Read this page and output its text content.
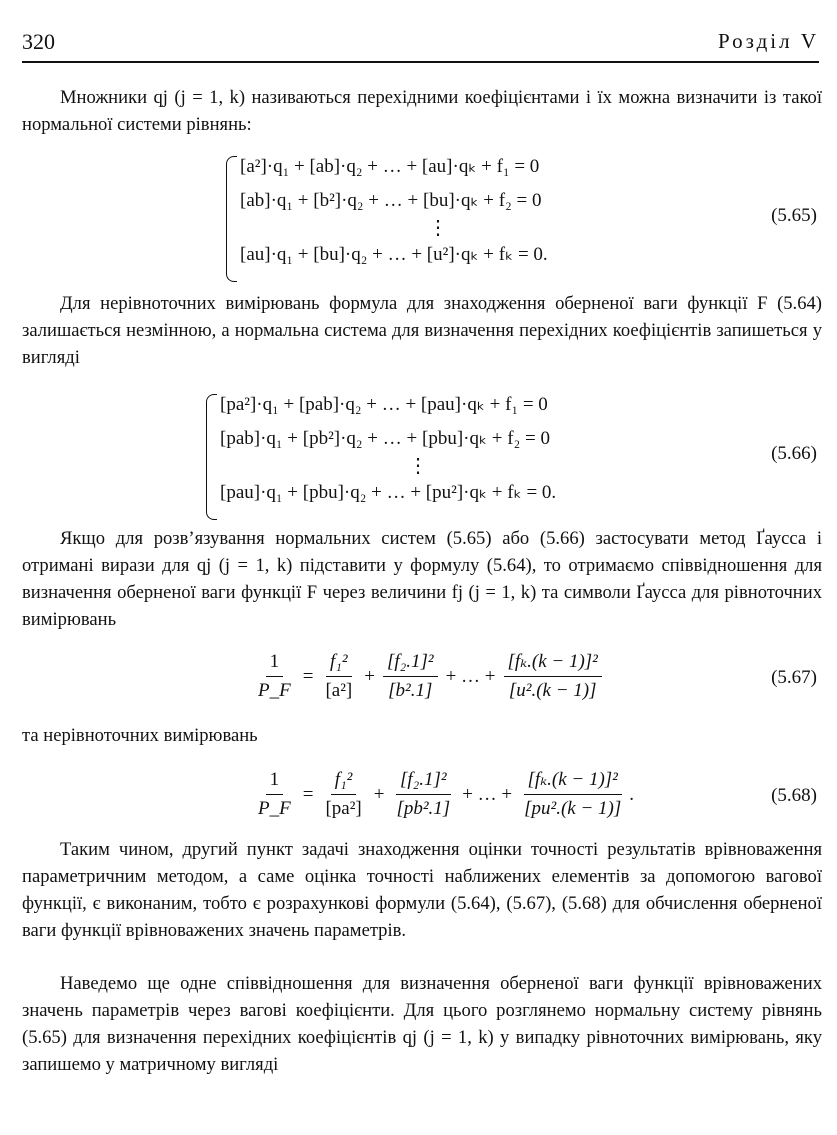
320	Розділ V

Множники qj (j = 1, k) називаються перехідними коефіцієнтами і їх можна визначити із такої нормальної системи рівнянь:

[a²]·q₁ + [ab]·q₂ + … + [au]·qₖ + f₁ = 0
[ab]·q₁ + [b²]·q₂ + … + [bu]·qₖ + f₂ = 0
⋮
[au]·q₁ + [bu]·q₂ + … + [u²]·qₖ + fₖ = 0.
(5.65)

Для нерівноточних вимірювань формула для знаходження оберненої ваги функції F (5.64) залишається незмінною, а нормальна система для визначення перехідних коефіцієнтів запишеться у вигляді

[pa²]·q₁ + [pab]·q₂ + … + [pau]·qₖ + f₁ = 0
[pab]·q₁ + [pb²]·q₂ + … + [pbu]·qₖ + f₂ = 0
⋮
[pau]·q₁ + [pbu]·q₂ + … + [pu²]·qₖ + fₖ = 0.
(5.66)

Якщо для розв’язування нормальних систем (5.65) або (5.66) застосувати метод Ґаусса і отримані вирази для qj (j = 1, k) підставити у формулу (5.64), то отримаємо співвідношення для визначення оберненої ваги функції F через величини fj (j = 1, k) та символи Ґаусса для рівноточних вимірювань

$\frac{1}{P\_F} = \frac{\text{f₁²}}{\text{[a²]}} + \frac{\text{[f₂.1]²}}{\text{[b².1]}}$ + … + $\frac{\text{[fₖ.(k − 1)]²}}{\text{[u².(k − 1)]}}$	(5.67)

та нерівноточних вимірювань

$\frac{1}{P\_F} = \frac{\text{f₁²}}{\text{[pa²]}} + \frac{\text{[f₂.1]²}}{\text{[pb².1]}}$ + … + $\frac{\text{[fₖ.(k − 1)]²}}{\text{[pu².(k − 1)]}}$ .	(5.68)

Таким чином, другий пункт задачі знаходження оцінки точності результатів врівноваження параметричним методом, а саме оцінка точності наближених елементів за допомогою вагової функції, є виконаним, тобто є розрахункові формули (5.64), (5.67), (5.68) для обчислення оберненої ваги функції врівноважених значень параметрів.

Наведемо ще одне співвідношення для визначення оберненої ваги функції врівноважених значень параметрів через вагові коефіцієнти. Для цього розглянемо нормальну систему рівнянь (5.65) для визначення перехідних коефіцієнтів qj (j = 1, k) у випадку рівноточних вимірювань, яку запишемо у матричному вигляді
